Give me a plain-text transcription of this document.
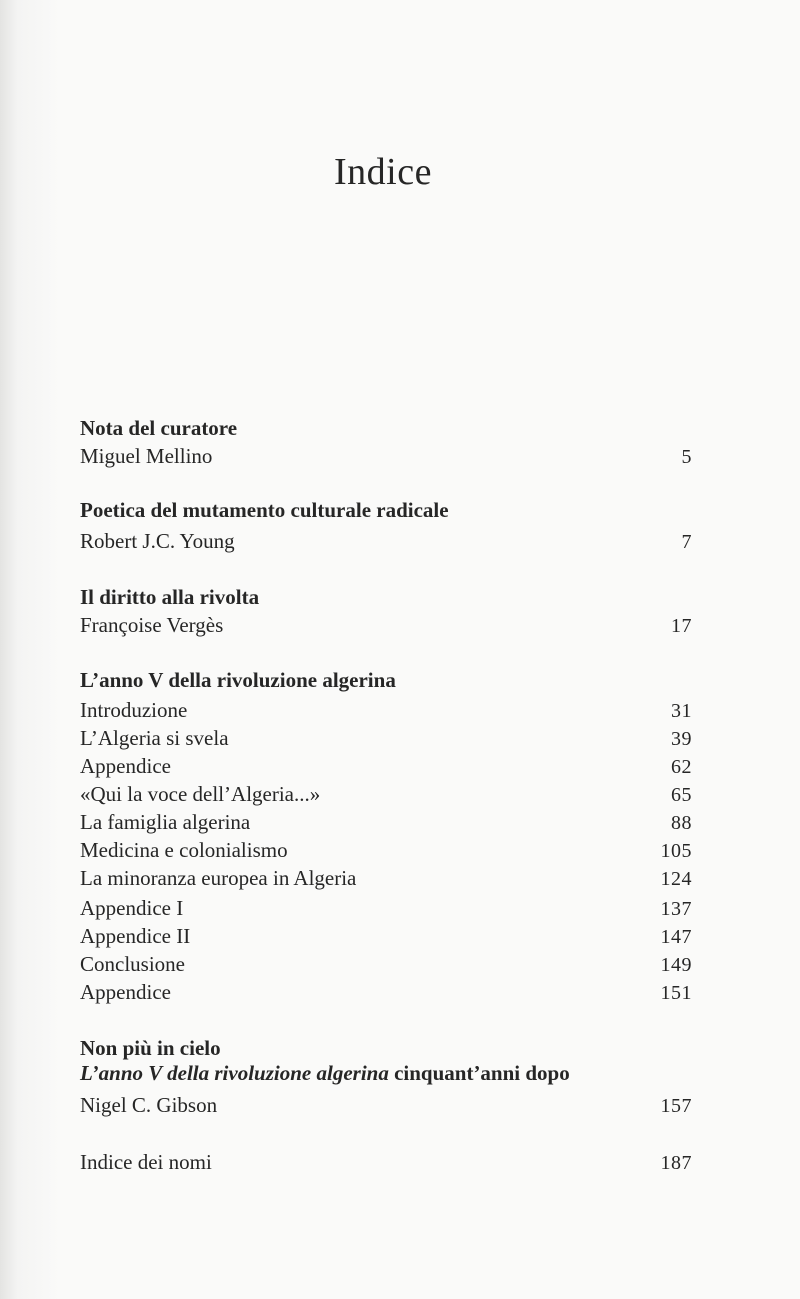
Indice
Nota del curatore
Miguel Mellino	5
Poetica del mutamento culturale radicale
Robert J.C. Young	7
Il diritto alla rivolta
Françoise Vergès	17
L’anno V della rivoluzione algerina
Introduzione	31
L’Algeria si svela	39
Appendice	62
«Qui la voce dell’Algeria...»	65
La famiglia algerina	88
Medicina e colonialismo	105
La minoranza europea in Algeria	124
Appendice I	137
Appendice II	147
Conclusione	149
Appendice	151
Non più in cielo
L’anno V della rivoluzione algerina cinquant’anni dopo
Nigel C. Gibson	157
Indice dei nomi	187
